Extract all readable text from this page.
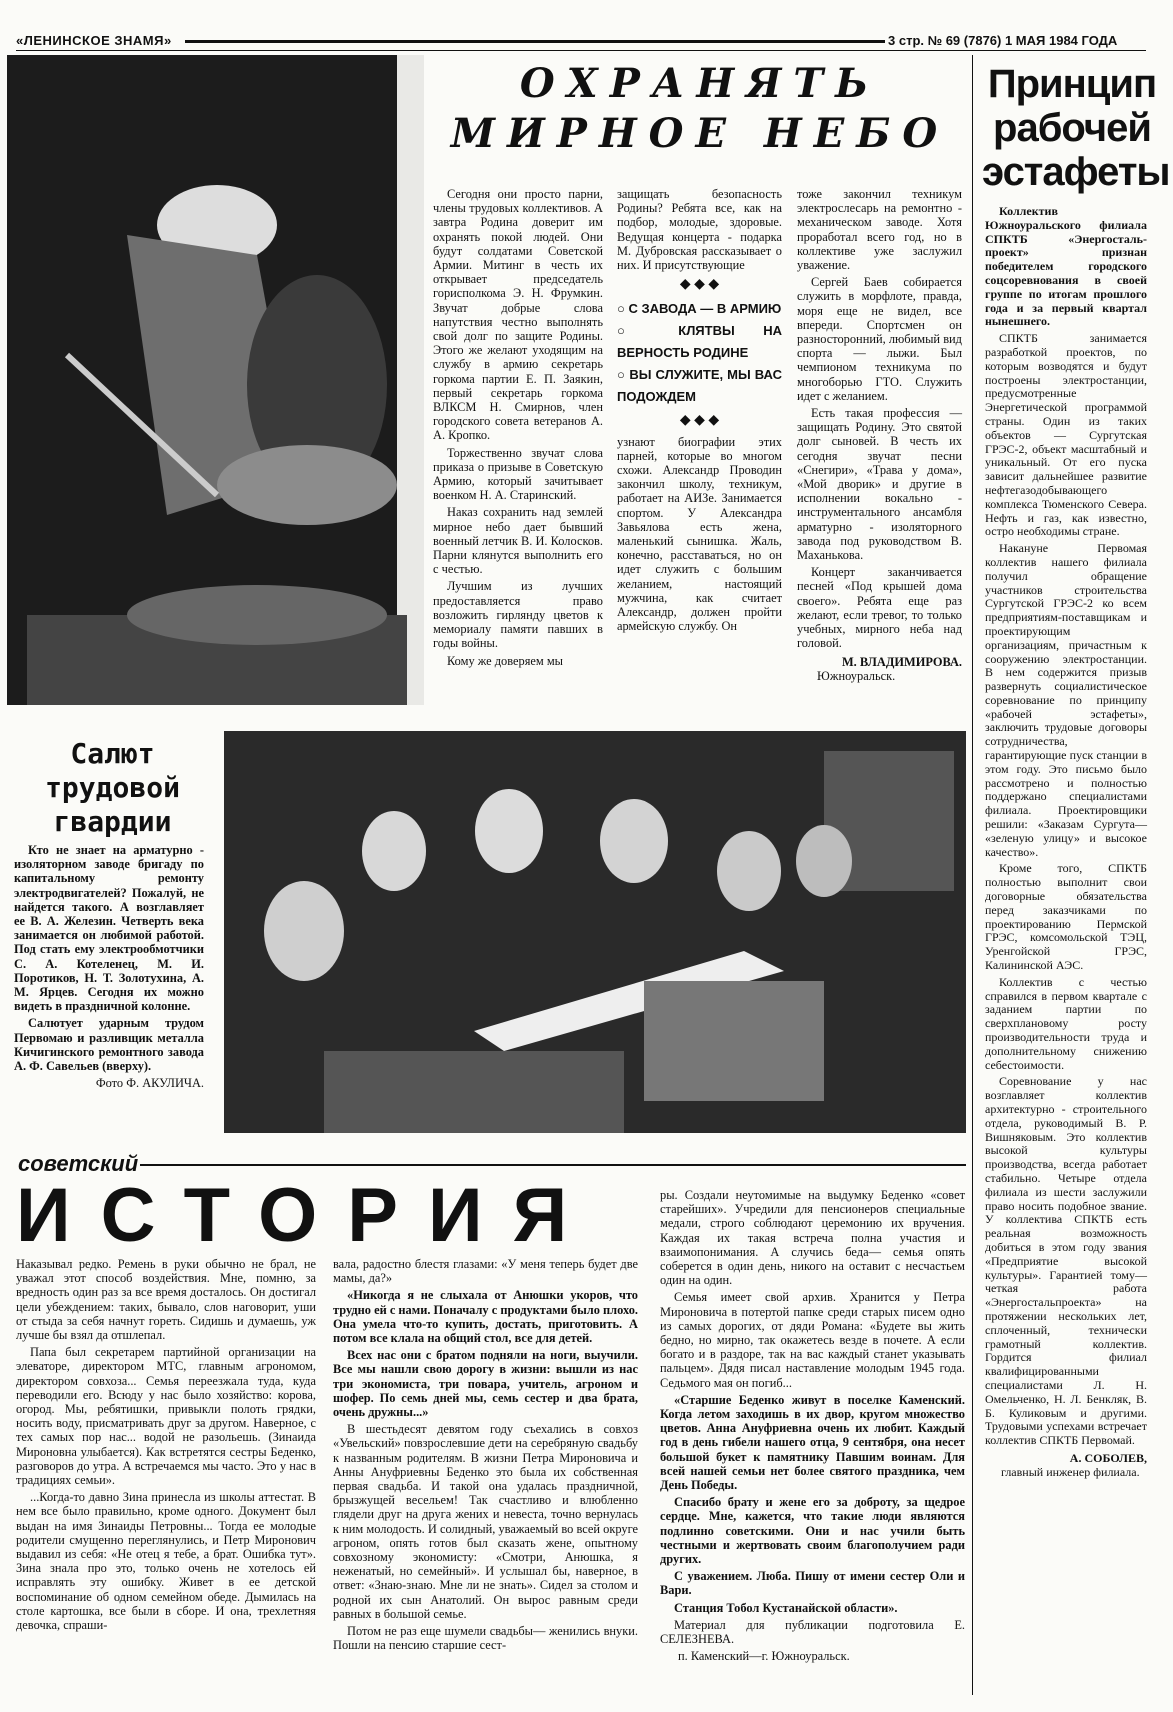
«ЛЕНИНСКОЕ ЗНАМЯ»	3 стр. № 69 (7876) 1 МАЯ 1984 ГОДА
ОХРАНЯТЬ
МИРНОЕ НЕБО

Сегодня они просто парни, члены трудовых коллективов. А завтра Родина доверит им охранять покой людей. Они будут солдатами Советской Армии. Митинг в честь их открывает председатель горисполкома Э. Н. Фрумкин. Звучат добрые слова напутствия честно выполнять свой долг по защите Родины. Этого же желают уходящим на службу в армию секретарь горкома партии Е. П. Заякин, первый секретарь горкома ВЛКСМ Н. Смирнов, член городского совета ветеранов А. А. Кропко.

Торжественно звучат слова приказа о призыве в Советскую Армию, который зачитывает военком Н. А. Старинский.

Наказ сохранить над землей мирное небо дает бывший военный летчик В. И. Колосков. Парни клянутся выполнить его с честью.

Лучшим из лучших предоставляется право возложить гирлянду цветов к мемориалу памяти павших в годы войны.

Кому же доверяем мы

защищать безопасность Родины? Ребята все, как на подбор, молодые, здоровые. Ведущая концерта - подарка М. Дубровская рассказывает о них. И присутствующие

◆ ◆ ◆
○ С ЗАВОДА — В АРМИЮ
○ КЛЯТВЫ НА ВЕРНОСТЬ РОДИНЕ
○ ВЫ СЛУЖИТЕ, МЫ ВАС ПОДОЖДЕМ
◆ ◆ ◆

узнают биографии этих парней, которые во многом схожи. Александр Проводин закончил школу, техникум, работает на АИЗе. Занимается спортом. У Александра Завьялова есть жена, маленький сынишка. Жаль, конечно, расставаться, но он идет служить с большим желанием, настоящий мужчина, как считает Александр, должен пройти армейскую службу. Он

тоже закончил техникум электрослесарь на ремонтно - механическом заводе. Хотя проработал всего год, но в коллективе уже заслужил уважение.

Сергей Баев собирается служить в морфлоте, правда, моря еще не видел, все впереди. Спортсмен он разносторонний, любимый вид спорта — лыжи. Был чемпионом техникума по многоборью ГТО. Служить идет с желанием.

Есть такая профессия — защищать Родину. Это святой долг сыновей. В честь их сегодня звучат песни «Снегири», «Трава у дома», «Мой дворик» и другие в исполнении вокально - инструментального ансамбля арматурно - изоляторного завода под руководством В. Маханькова.

Концерт заканчивается песней «Под крышей дома своего». Ребята еще раз желают, если тревог, то только учебных, мирного неба над головой.

М. ВЛАДИМИРОВА.
Южноуральск.
Принцип
рабочей
эстафеты

Коллектив Южноуральского филиала СПКТБ «Энергосталь-проект» признан победителем городского соцсоревнования в своей группе по итогам прошлого года и за первый квартал нынешнего.

СПКТБ занимается разработкой проектов, по которым возводятся и будут построены электростанции, предусмотренные Энергетической программой страны. Один из таких объектов — Сургутская ГРЭС-2, объект масштабный и уникальный. От его пуска зависит дальнейшее развитие нефтегазодобывающего комплекса Тюменского Севера. Нефть и газ, как известно, остро необходимы стране.

Накануне Первомая коллектив нашего филиала получил обращение участников строительства Сургутской ГРЭС-2 ко всем предприятиям-поставщикам и проектирующим организациям, причастным к сооружению электростанции. В нем содержится призыв развернуть социалистическое соревнование по принципу «рабочей эстафеты», заключить трудовые договоры сотрудничества, гарантирующие пуск станции в этом году. Это письмо было рассмотрено и полностью поддержано специалистами филиала. Проектировщики решили: «Заказам Сургута— «зеленую улицу» и высокое качество».

Кроме того, СПКТБ полностью выполнит свои договорные обязательства перед заказчиками по проектированию Пермской ГРЭС, комсомольской ТЭЦ, Уренгойской ГРЭС, Калининской АЭС.

Коллектив с честью справился в первом квартале с заданием партии по сверхплановому росту производительности труда и дополнительному снижению себестоимости.

Соревнование у нас возглавляет коллектив архитектурно - строительного отдела, руководимый В. Р. Вишняковым. Это коллектив высокой культуры производства, всегда работает стабильно. Четыре отдела филиала из шести заслужили право носить подобное звание. У коллектива СПКТБ есть реальная возможность добиться в этом году звания «Предприятие высокой культуры». Гарантией тому— четкая работа «Энергостальпроекта» на протяжении нескольких лет, сплоченный, технически грамотный коллектив. Гордится филиал квалифицированными специалистами Л. Н. Омельченко, Н. Л. Бенкляк, В. Б. Куликовым и другими. Трудовыми успехами встречает коллектив СПКТБ Первомай.

А. СОБОЛЕВ,
главный инженер филиала.
Салют
трудовой
гвардии

Кто не знает на арматурно - изоляторном заводе бригаду по капитальному ремонту электродвигателей? Пожалуй, не найдется такого. А возглавляет ее В. А. Железин. Четверть века занимается он любимой работой. Под стать ему электрообмотчики С. А. Котеленец, М. И. Поротиков, Н. Т. Золотухина, А. М. Ярцев. Сегодня их можно видеть в праздничной колонне.

Салютует ударным трудом Первомаю и разливщик металла Кичигинского ремонтного завода А. Ф. Савельев (вверху).

Фото Ф. АКУЛИЧА.
советский
ИСТОРИЯ

Наказывал редко. Ремень в руки обычно не брал, не уважал этот способ воздействия. Мне, помню, за вредность один раз за все время досталось. Он достигал цели убеждением: таких, бывало, слов наговорит, уши от стыда за себя начнут гореть. Сидишь и думаешь, уж лучше бы взял да отшлепал.

Папа был секретарем партийной организации на элеваторе, директором МТС, главным агрономом, директором совхоза... Семья переезжала туда, куда переводили его. Всюду у нас было хозяйство: корова, огород. Мы, ребятишки, привыкли полоть грядки, носить воду, присматривать друг за другом. Наверное, с тех самых пор нас... водой не разольешь. (Зинаида Мироновна улыбается). Как встретятся сестры Беденко, разговоров до утра. А встречаемся мы часто. Это у нас в традициях семьи».

...Когда-то давно Зина принесла из школы аттестат. В нем все было правильно, кроме одного. Документ был выдан на имя Зинаиды Петровны... Тогда ее молодые родители смущенно переглянулись, и Петр Миронович выдавил из себя: «Не отец я тебе, а брат. Ошибка тут». Зина знала про это, только очень не хотелось ей исправлять эту ошибку. Живет в ее детской воспоминание об одном семейном обеде. Дымилась на столе картошка, все были в сборе. И она, трехлетняя девочка, спраши-

вала, радостно блестя глазами: «У меня теперь будет две мамы, да?»

«Никогда я не слыхала от Анюшки укоров, что трудно ей с нами. Поначалу с продуктами было плохо. Она умела что-то купить, достать, приготовить. А потом все клала на общий стол, все для детей.

Всех нас они с братом подняли на ноги, выучили. Все мы нашли свою дорогу в жизни: вышли из нас три экономиста, три повара, учитель, агроном и шофер. По семь дней мы, семь сестер и два брата, очень дружны...»

В шестьдесят девятом году съехались в совхоз «Увельский» повзрослевшие дети на серебряную свадьбу к названным родителям. В жизни Петра Мироновича и Анны Ануфриевны Беденко это была их собственная первая свадьба. И такой она удалась праздничной, брызжущей весельем! Так счастливо и влюбленно глядели друг на друга жених и невеста, точно вернулась к ним молодость. И солидный, уважаемый во всей округе агроном, опять готов был сказать жене, опытному совхозному экономисту: «Смотри, Анюшка, я неженатый, но семейный». И услышал бы, наверное, в ответ: «Знаю-знаю. Мне ли не знать». Сидел за столом и родной их сын Анатолий. Он вырос равным среди равных в большой семье.

Потом не раз еще шумели свадьбы— женились внуки. Пошли на пенсию старшие сест-

ры. Создали неутомимые на выдумку Беденко «совет старейших». Учредили для пенсионеров специальные медали, строго соблюдают церемонию их вручения. Каждая их такая встреча полна участия и взаимопонимания. А случись беда— семья опять соберется в один день, никого на оставит с несчастьем один на один.

Семья имеет свой архив. Хранится у Петра Мироновича в потертой папке среди старых писем одно из самых дорогих, от дяди Романа: «Будете вы жить бедно, но мирно, так окажетесь везде в почете. А если богато и в раздоре, так на вас каждый станет указывать пальцем». Дядя писал наставление молодым 1945 года. Седьмого мая он погиб...

«Старшие Беденко живут в поселке Каменский. Когда летом заходишь в их двор, кругом множество цветов. Анна Ануфриевна очень их любит. Каждый год в день гибели нашего отца, 9 сентября, она несет большой букет к памятнику Павшим воинам. Для всей нашей семьи нет более святого праздника, чем День Победы.

Спасибо брату и жене его за доброту, за щедрое сердце. Мне, кажется, что такие люди являются подлинно советскими. Они и нас учили быть честными и жертвовать своим благополучием ради других.

С уважением. Люба. Пишу от имени сестер Оли и Вари.

Станция Тобол Кустанайской области».

Материал для публикации подготовила Е. СЕЛЕЗНЕВА.

п. Каменский—г. Южноуральск.
